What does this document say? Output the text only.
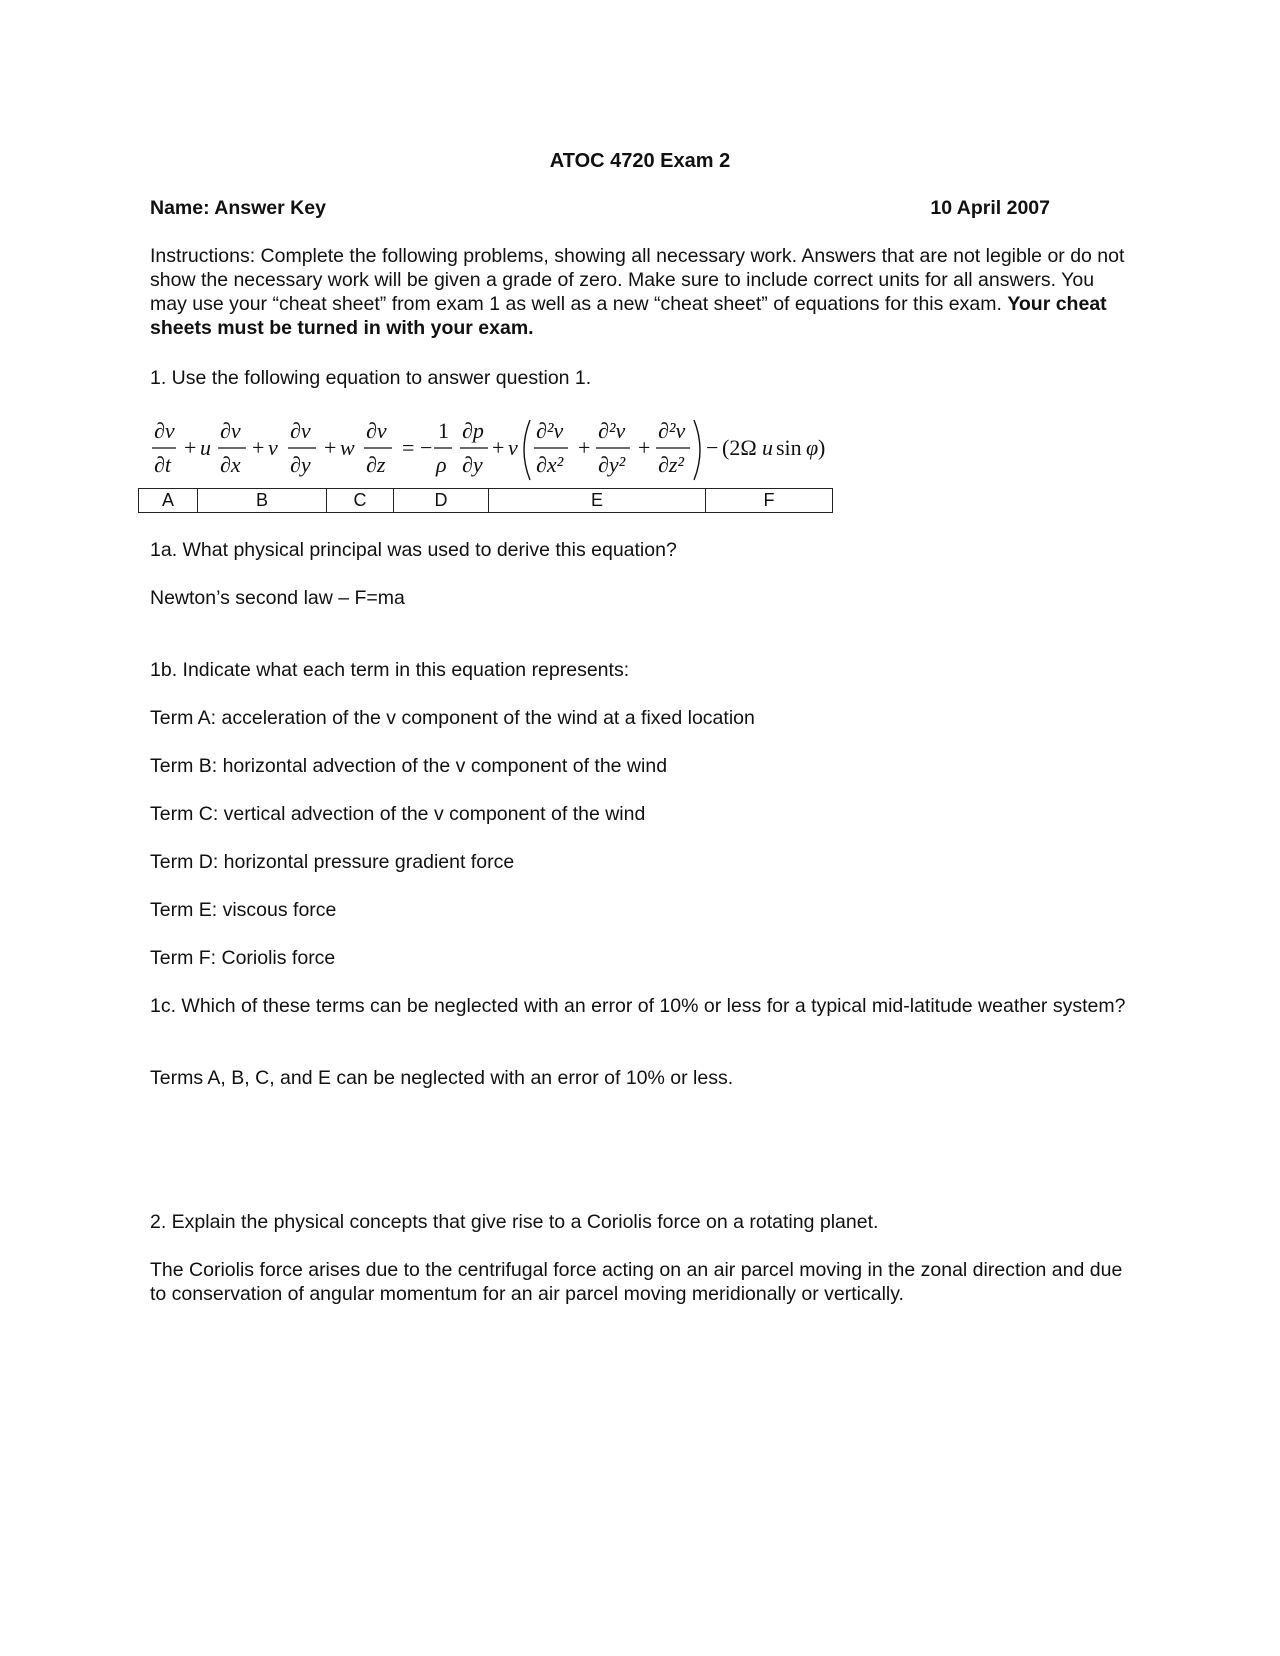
ATOC 4720 Exam 2
Name: Answer Key	10 April 2007
Instructions: Complete the following problems, showing all necessary work. Answers that are not legible or do not show the necessary work will be given a grade of zero. Make sure to include correct units for all answers. You may use your “cheat sheet” from exam 1 as well as a new “cheat sheet” of equations for this exam. Your cheat sheets must be turned in with your exam.
1. Use the following equation to answer question 1.
∂v
∂t
+ u
∂v
∂x
+ v
∂v
∂y
+ w
∂v
∂z
= −
1
ρ
∂p
∂y
+ ν
∂²v
∂x²
+
∂²v
∂y²
+
∂²v
∂z²
− (2Ω u sin φ )
A	B	C	D	E	F
1a. What physical principal was used to derive this equation?
Newton’s second law – F=ma
1b. Indicate what each term in this equation represents:
Term A: acceleration of the v component of the wind at a fixed location
Term B: horizontal advection of the v component of the wind
Term C: vertical advection of the v component of the wind
Term D: horizontal pressure gradient force
Term E: viscous force
Term F: Coriolis force
1c. Which of these terms can be neglected with an error of 10% or less for a typical mid-latitude weather system?
Terms A, B, C, and E can be neglected with an error of 10% or less.
2. Explain the physical concepts that give rise to a Coriolis force on a rotating planet.
The Coriolis force arises due to the centrifugal force acting on an air parcel moving in the zonal direction and due to conservation of angular momentum for an air parcel moving meridionally or vertically.
